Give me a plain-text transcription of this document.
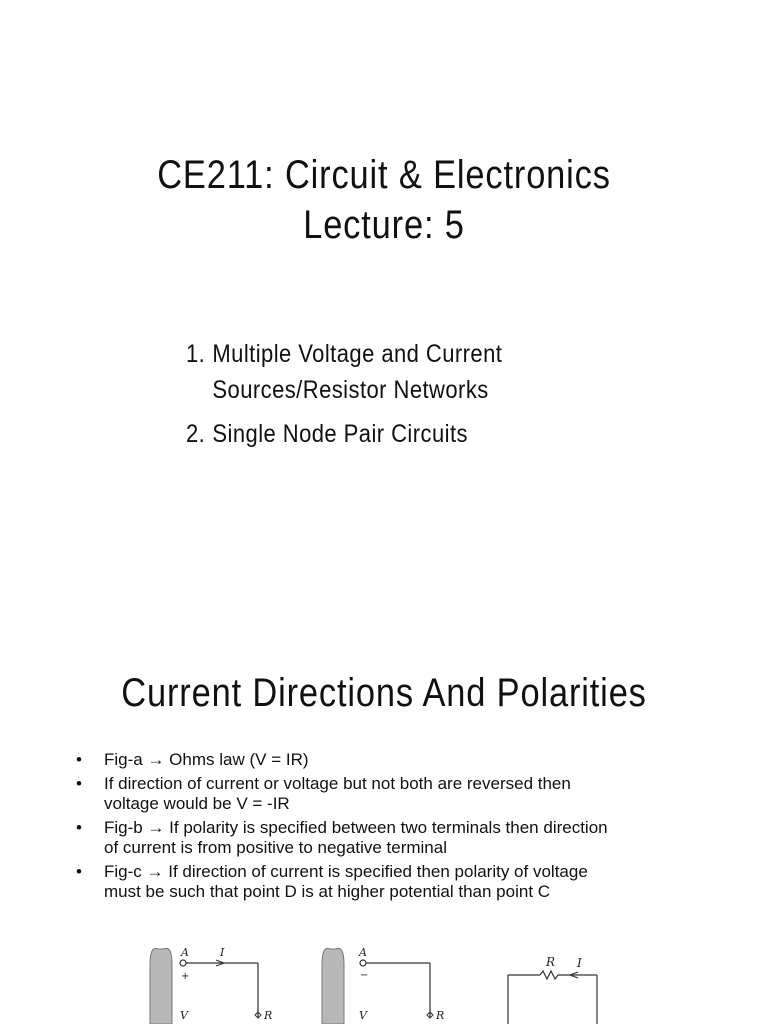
CE211: Circuit & Electronics
Lecture: 5
1. Multiple Voltage and Current
Sources/Resistor Networks
2. Single Node Pair Circuits
Current Directions And Polarities
• Fig-a → Ohms law (V = IR)
• If direction of current or voltage but not both are reversed then
voltage would be V = -IR
• Fig-b → If polarity is specified between two terminals then direction
of current is from positive to negative terminal
• Fig-c → If direction of current is specified then polarity of voltage
must be such that point D is at higher potential than point C
A	I
+
V	R
A
−
V	R
R I
